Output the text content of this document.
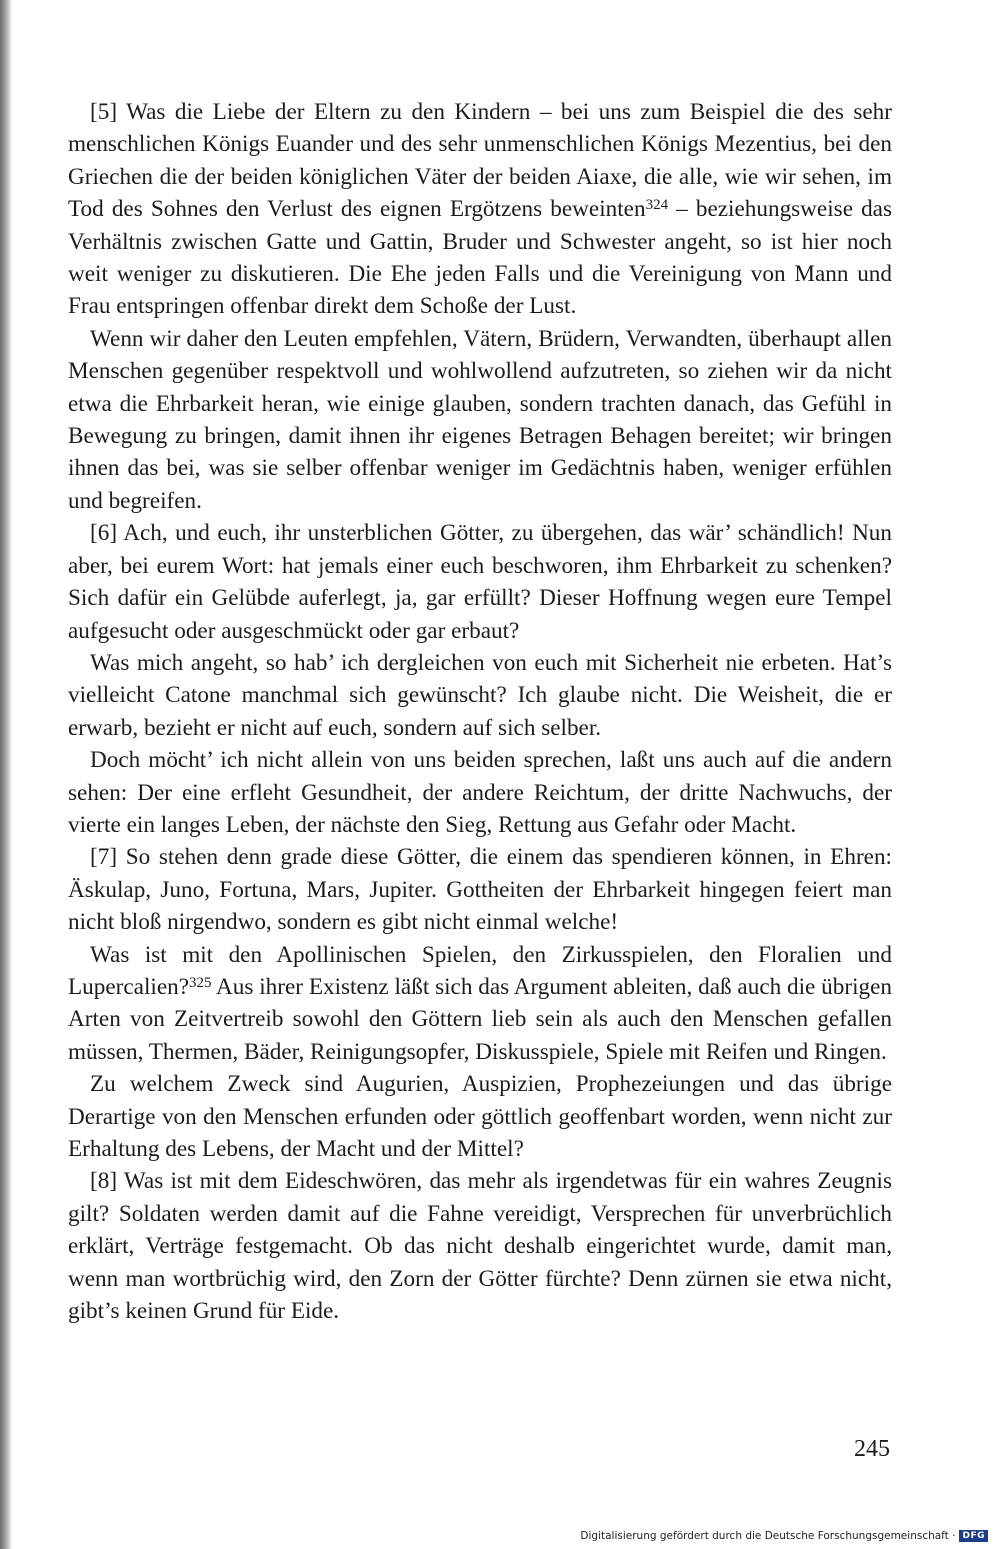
[5] Was die Liebe der Eltern zu den Kindern – bei uns zum Beispiel die des sehr menschlichen Königs Euander und des sehr unmenschlichen Königs Mezentius, bei den Griechen die der beiden königlichen Väter der beiden Aiaxe, die alle, wie wir sehen, im Tod des Sohnes den Verlust des eignen Ergötzens beweinten$^{324}$ – beziehungsweise das Verhältnis zwischen Gatte und Gattin, Bruder und Schwester angeht, so ist hier noch weit weniger zu diskutieren. Die Ehe jeden Falls und die Vereinigung von Mann und Frau entspringen offenbar direkt dem Schoße der Lust.

Wenn wir daher den Leuten empfehlen, Vätern, Brüdern, Verwandten, überhaupt allen Menschen gegenüber respektvoll und wohlwollend aufzutreten, so ziehen wir da nicht etwa die Ehrbarkeit heran, wie einige glauben, sondern trachten danach, das Gefühl in Bewegung zu bringen, damit ihnen ihr eigenes Betragen Behagen bereitet; wir bringen ihnen das bei, was sie selber offenbar weniger im Gedächtnis haben, weniger erfühlen und begreifen.

[6] Ach, und euch, ihr unsterblichen Götter, zu übergehen, das wär’ schändlich! Nun aber, bei eurem Wort: hat jemals einer euch beschworen, ihm Ehrbarkeit zu schenken? Sich dafür ein Gelübde auferlegt, ja, gar erfüllt? Dieser Hoffnung wegen eure Tempel aufgesucht oder ausgeschmückt oder gar erbaut?

Was mich angeht, so hab’ ich dergleichen von euch mit Sicherheit nie erbeten. Hat’s vielleicht Catone manchmal sich gewünscht? Ich glaube nicht. Die Weisheit, die er erwarb, bezieht er nicht auf euch, sondern auf sich selber.

Doch möcht’ ich nicht allein von uns beiden sprechen, laßt uns auch auf die andern sehen: Der eine erfleht Gesundheit, der andere Reichtum, der dritte Nachwuchs, der vierte ein langes Leben, der nächste den Sieg, Rettung aus Gefahr oder Macht.

[7] So stehen denn grade diese Götter, die einem das spendieren können, in Ehren: Äskulap, Juno, Fortuna, Mars, Jupiter. Gottheiten der Ehrbarkeit hingegen feiert man nicht bloß nirgendwo, sondern es gibt nicht einmal welche!

Was ist mit den Apollinischen Spielen, den Zirkusspielen, den Floralien und Lupercalien?$^{325}$ Aus ihrer Existenz läßt sich das Argument ableiten, daß auch die übrigen Arten von Zeitvertreib sowohl den Göttern lieb sein als auch den Menschen gefallen müssen, Thermen, Bäder, Reinigungsopfer, Diskusspiele, Spiele mit Reifen und Ringen.

Zu welchem Zweck sind Augurien, Auspizien, Prophezeiungen und das übrige Derartige von den Menschen erfunden oder göttlich geoffenbart worden, wenn nicht zur Erhaltung des Lebens, der Macht und der Mittel?

[8] Was ist mit dem Eideschwören, das mehr als irgendetwas für ein wahres Zeugnis gilt? Soldaten werden damit auf die Fahne vereidigt, Versprechen für unverbrüchlich erklärt, Verträge festgemacht. Ob das nicht deshalb eingerichtet wurde, damit man, wenn man wortbrüchig wird, den Zorn der Götter fürchte? Denn zürnen sie etwa nicht, gibt’s keinen Grund für Eide.

245
Digitalisierung gefördert durch die Deutsche Forschungsgemeinschaft · DFG
